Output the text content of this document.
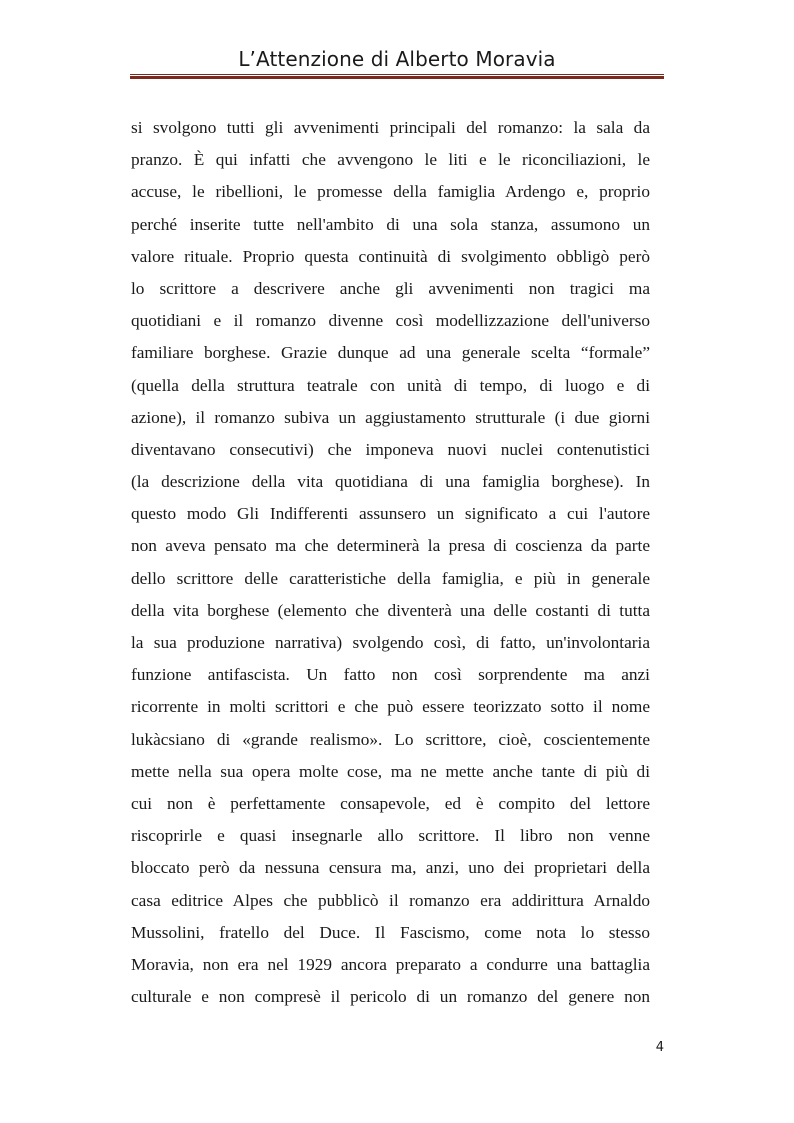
L’Attenzione di Alberto Moravia
si svolgono tutti gli avvenimenti principali del romanzo: la sala da
pranzo. È qui infatti che avvengono le liti e le riconciliazioni, le
accuse, le ribellioni, le promesse della famiglia Ardengo e, proprio
perché inserite tutte nell'ambito di una sola stanza, assumono un
valore rituale. Proprio questa continuità di svolgimento obbligò però
lo scrittore a descrivere anche gli avvenimenti non tragici ma
quotidiani e il romanzo divenne così modellizzazione dell'universo
familiare borghese. Grazie dunque ad una generale scelta “formale”
(quella della struttura teatrale con unità di tempo, di luogo e di
azione), il romanzo subiva un aggiustamento strutturale (i due giorni
diventavano consecutivi) che imponeva nuovi nuclei contenutistici
(la descrizione della vita quotidiana di una famiglia borghese). In
questo modo Gli Indifferenti assunsero un significato a cui l'autore
non aveva pensato ma che determinerà la presa di coscienza da parte
dello scrittore delle caratteristiche della famiglia, e più in generale
della vita borghese (elemento che diventerà una delle costanti di tutta
la sua produzione narrativa) svolgendo così, di fatto, un'involontaria
funzione antifascista. Un fatto non così sorprendente ma anzi
ricorrente in molti scrittori e che può essere teorizzato sotto il nome
lukàcsiano di «grande realismo». Lo scrittore, cioè, coscientemente
mette nella sua opera molte cose, ma ne mette anche tante di più di
cui non è perfettamente consapevole, ed è compito del lettore
riscoprirle e quasi insegnarle allo scrittore. Il libro non venne
bloccato però da nessuna censura ma, anzi, uno dei proprietari della
casa editrice Alpes che pubblicò il romanzo era addirittura Arnaldo
Mussolini, fratello del Duce. Il Fascismo, come nota lo stesso
Moravia, non era nel 1929 ancora preparato a condurre una battaglia
culturale e non compresè il pericolo di un romanzo del genere non
4
